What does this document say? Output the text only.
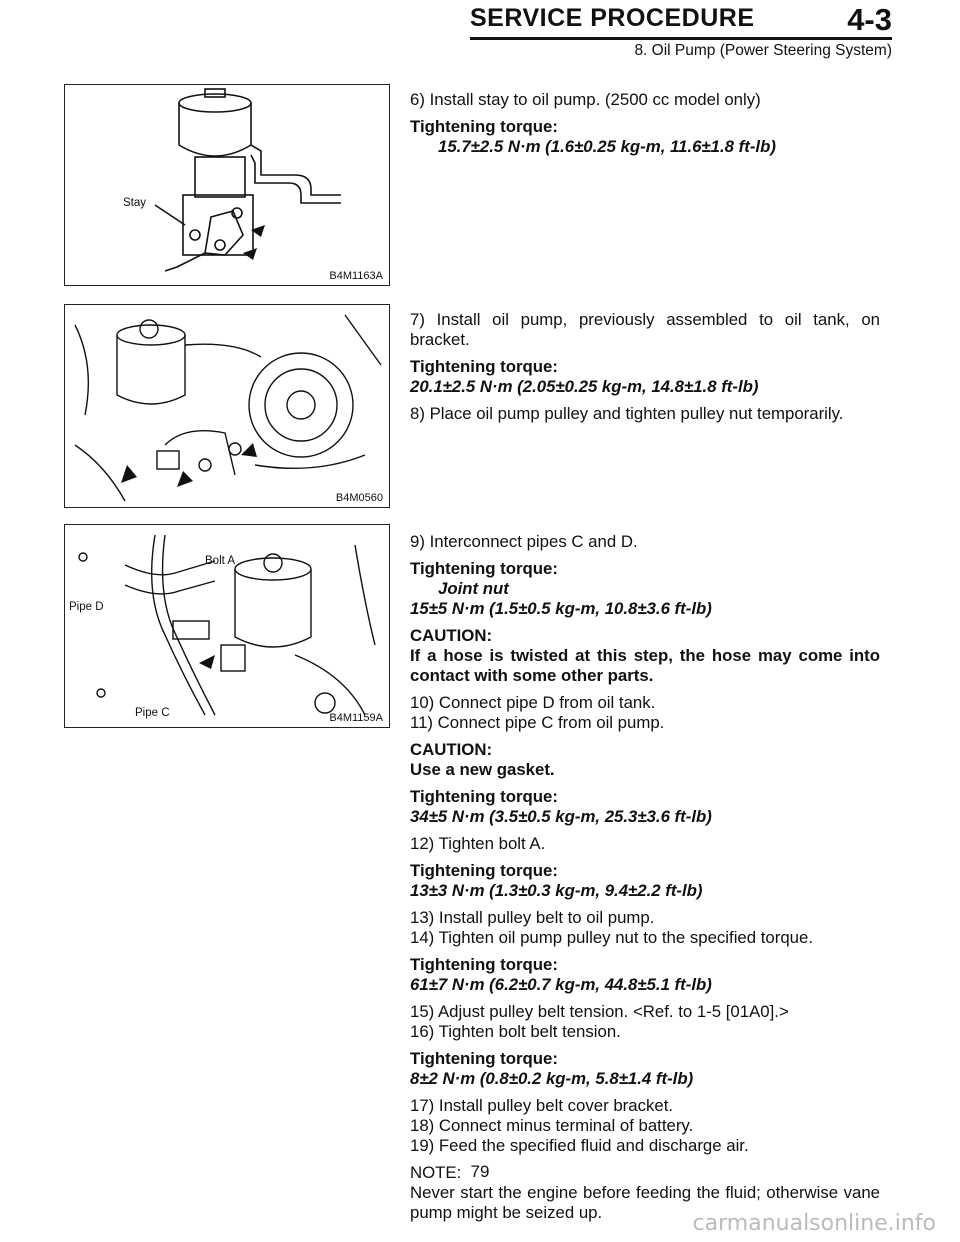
SERVICE PROCEDURE	4-3
8. Oil Pump (Power Steering System)
Stay
B4M1163A
B4M0560
Bolt A
Pipe D
Pipe C	B4M1159A

6) Install stay to oil pump. (2500 cc model only)

Tightening torque:
15.7±2.5 N·m (1.6±0.25 kg-m, 11.6±1.8 ft-lb)

7) Install oil pump, previously assembled to oil tank, on bracket.

Tightening torque:

20.1±2.5 N·m (2.05±0.25 kg-m, 14.8±1.8 ft-lb)

8) Place oil pump pulley and tighten pulley nut temporarily.

9) Interconnect pipes C and D.

Tightening torque:
Joint nut

15±5 N·m (1.5±0.5 kg-m, 10.8±3.6 ft-lb)

CAUTION:

If a hose is twisted at this step, the hose may come into contact with some other parts.

10) Connect pipe D from oil tank.

11) Connect pipe C from oil pump.

CAUTION:

Use a new gasket.

Tightening torque:

34±5 N·m (3.5±0.5 kg-m, 25.3±3.6 ft-lb)

12) Tighten bolt A.

Tightening torque:

13±3 N·m (1.3±0.3 kg-m, 9.4±2.2 ft-lb)

13) Install pulley belt to oil pump.

14) Tighten oil pump pulley nut to the specified torque.

Tightening torque:

61±7 N·m (6.2±0.7 kg-m, 44.8±5.1 ft-lb)

15) Adjust pulley belt tension. <Ref. to 1-5 [01A0].>

16) Tighten bolt belt tension.

Tightening torque:

8±2 N·m (0.8±0.2 kg-m, 5.8±1.4 ft-lb)

17) Install pulley belt cover bracket.
18) Connect minus terminal of battery.

19) Feed the specified fluid and discharge air.

NOTE:
Never start the engine before feeding the fluid; otherwise vane pump might be seized up.
79
carmanualsonline.info
